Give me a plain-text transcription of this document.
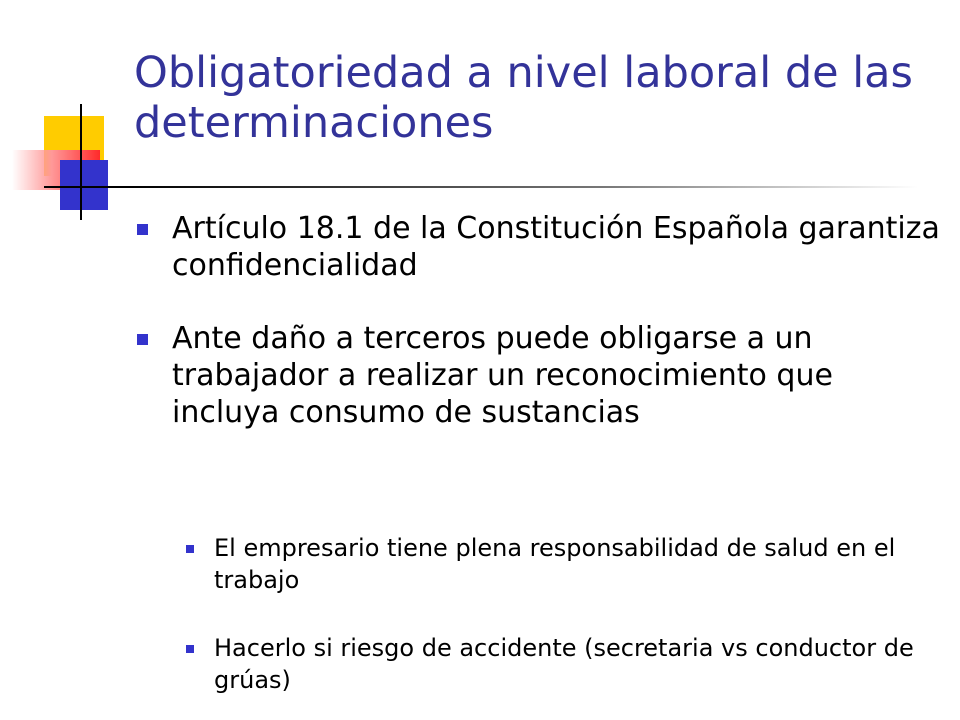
Obligatoriedad a nivel laboral de las determinaciones
Artículo 18.1 de la Constitución Española garantiza confidencialidad
Ante daño a terceros puede obligarse a un trabajador a realizar un reconocimiento que incluya consumo de sustancias
El empresario tiene plena responsabilidad de salud en el trabajo
Hacerlo si riesgo de accidente (secretaria vs conductor de grúas)
